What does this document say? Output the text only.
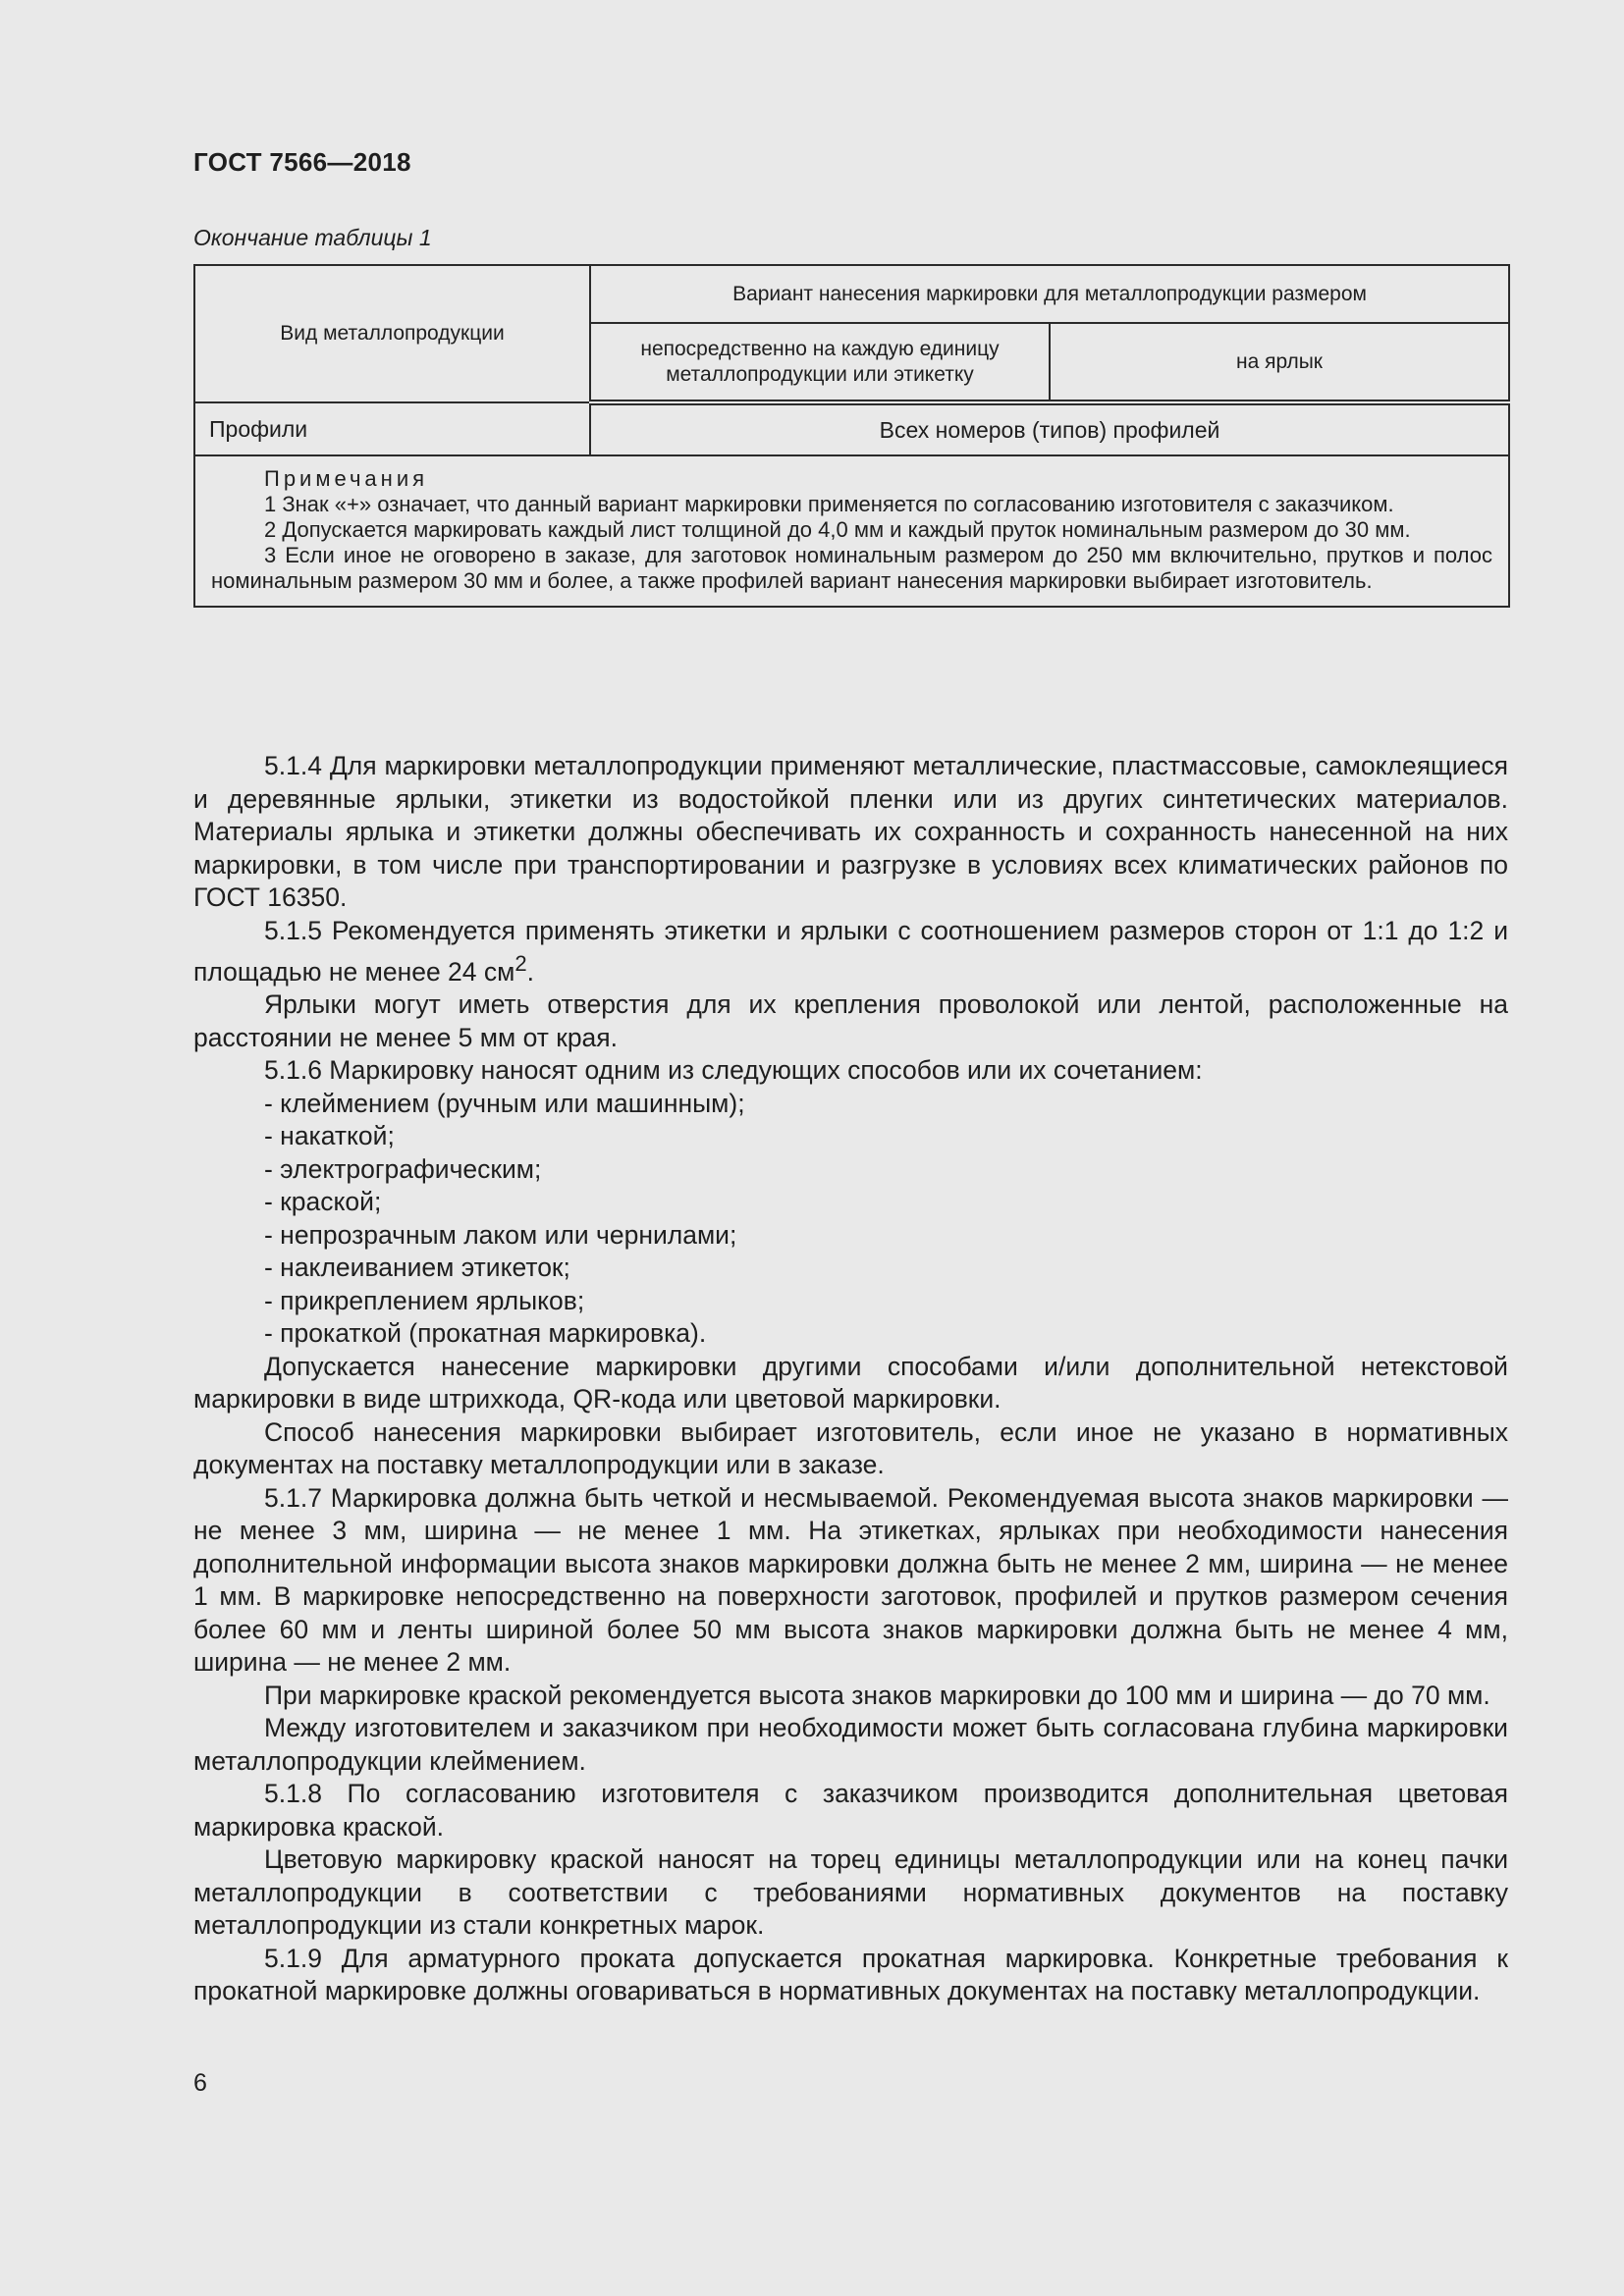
ГОСТ 7566—2018
Окончание таблицы 1
Вид металлопродукции	Вариант нанесения маркировки для металлопродукции размером	
	непосредственно на каждую единицу металлопродукции или этикетку	на ярлык
Профили	Всех номеров (типов) профилей	

Примечания

1 Знак «+» означает, что данный вариант маркировки применяется по согласованию изготовителя с заказчиком.

2 Допускается маркировать каждый лист толщиной до 4,0 мм и каждый пруток номинальным размером до 30 мм.

3 Если иное не оговорено в заказе, для заготовок номинальным размером до 250 мм включительно, прутков и полос номинальным размером 30 мм и более, а также профилей вариант нанесения маркировки выбирает изготовитель.		

5.1.4 Для маркировки металлопродукции применяют металлические, пластмассовые, самоклеящиеся и деревянные ярлыки, этикетки из водостойкой пленки или из других синтетических материалов. Материалы ярлыка и этикетки должны обеспечивать их сохранность и сохранность нанесенной на них маркировки, в том числе при транспортировании и разгрузке в условиях всех климатических районов по ГОСТ 16350.

5.1.5 Рекомендуется применять этикетки и ярлыки с соотношением размеров сторон от 1:1 до 1:2 и площадью не менее 24 $см^2$.

Ярлыки могут иметь отверстия для их крепления проволокой или лентой, расположенные на расстоянии не менее 5 мм от края.

5.1.6 Маркировку наносят одним из следующих способов или их сочетанием:

- клеймением (ручным или машинным);

- накаткой;

- электрографическим;

- краской;

- непрозрачным лаком или чернилами;

- наклеиванием этикеток;

- прикреплением ярлыков;

- прокаткой (прокатная маркировка).

Допускается нанесение маркировки другими способами и/или дополнительной нетекстовой маркировки в виде штрихкода, QR-кода или цветовой маркировки.

Способ нанесения маркировки выбирает изготовитель, если иное не указано в нормативных документах на поставку металлопродукции или в заказе.

5.1.7 Маркировка должна быть четкой и несмываемой. Рекомендуемая высота знаков маркировки — не менее 3 мм, ширина — не менее 1 мм. На этикетках, ярлыках при необходимости нанесения дополнительной информации высота знаков маркировки должна быть не менее 2 мм, ширина — не менее 1 мм. В маркировке непосредственно на поверхности заготовок, профилей и прутков размером сечения более 60 мм и ленты шириной более 50 мм высота знаков маркировки должна быть не менее 4 мм, ширина — не менее 2 мм.

При маркировке краской рекомендуется высота знаков маркировки до 100 мм и ширина — до 70 мм.

Между изготовителем и заказчиком при необходимости может быть согласована глубина маркировки металлопродукции клеймением.

5.1.8 По согласованию изготовителя с заказчиком производится дополнительная цветовая маркировка краской.

Цветовую маркировку краской наносят на торец единицы металлопродукции или на конец пачки металлопродукции в соответствии с требованиями нормативных документов на поставку металлопродукции из стали конкретных марок.

5.1.9 Для арматурного проката допускается прокатная маркировка. Конкретные требования к прокатной маркировке должны оговариваться в нормативных документах на поставку металлопродукции.

6
